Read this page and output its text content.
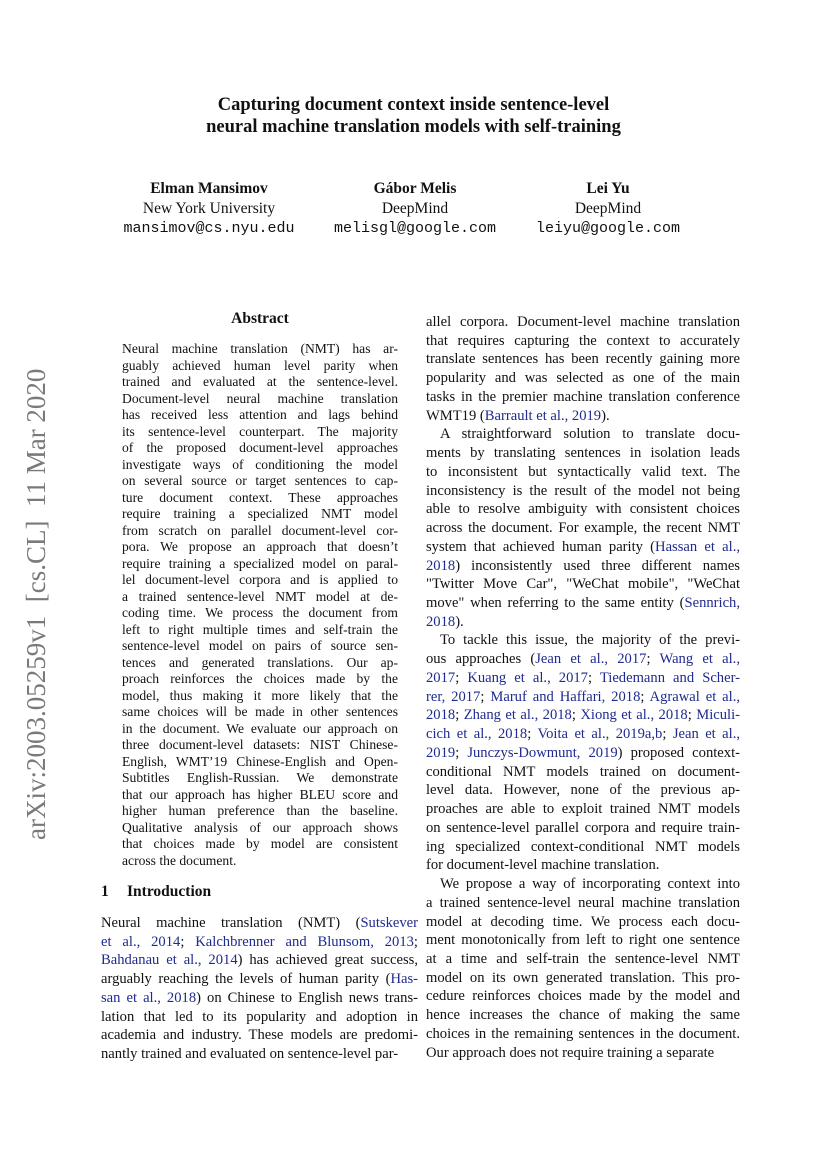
arXiv:2003.05259v1  [cs.CL]  11 Mar 2020
Capturing document context inside sentence-level
neural machine translation models with self-training
Elman Mansimov
New York University
mansimov@cs.nyu.edu
Gábor Melis
DeepMind
melisgl@google.com
Lei Yu
DeepMind
leiyu@google.com
Abstract
Neural machine translation (NMT) has ar-
guably achieved human level parity when
trained and evaluated at the sentence-level.
Document-level neural machine translation
has received less attention and lags behind
its sentence-level counterpart. The majority
of the proposed document-level approaches
investigate ways of conditioning the model
on several source or target sentences to cap-
ture document context. These approaches
require training a specialized NMT model
from scratch on parallel document-level cor-
pora. We propose an approach that doesn’t
require training a specialized model on paral-
lel document-level corpora and is applied to
a trained sentence-level NMT model at de-
coding time. We process the document from
left to right multiple times and self-train the
sentence-level model on pairs of source sen-
tences and generated translations. Our ap-
proach reinforces the choices made by the
model, thus making it more likely that the
same choices will be made in other sentences
in the document. We evaluate our approach on
three document-level datasets: NIST Chinese-
English, WMT’19 Chinese-English and Open-
Subtitles English-Russian. We demonstrate
that our approach has higher BLEU score and
higher human preference than the baseline.
Qualitative analysis of our approach shows
that choices made by model are consistent
across the document.
1 Introduction
Neural machine translation (NMT) (Sutskever
et al., 2014; Kalchbrenner and Blunsom, 2013;
Bahdanau et al., 2014) has achieved great success,
arguably reaching the levels of human parity (Has-
san et al., 2018) on Chinese to English news trans-
lation that led to its popularity and adoption in
academia and industry. These models are predomi-
nantly trained and evaluated on sentence-level par-
allel corpora. Document-level machine translation
that requires capturing the context to accurately
translate sentences has been recently gaining more
popularity and was selected as one of the main
tasks in the premier machine translation conference
WMT19 (Barrault et al., 2019).
A straightforward solution to translate docu-
ments by translating sentences in isolation leads
to inconsistent but syntactically valid text. The
inconsistency is the result of the model not being
able to resolve ambiguity with consistent choices
across the document. For example, the recent NMT
system that achieved human parity (Hassan et al.,
2018) inconsistently used three different names
"Twitter Move Car", "WeChat mobile", "WeChat
move" when referring to the same entity (Sennrich,
2018).
To tackle this issue, the majority of the previ-
ous approaches (Jean et al., 2017; Wang et al.,
2017; Kuang et al., 2017; Tiedemann and Scher-
rer, 2017; Maruf and Haffari, 2018; Agrawal et al.,
2018; Zhang et al., 2018; Xiong et al., 2018; Miculi-
cich et al., 2018; Voita et al., 2019a,b; Jean et al.,
2019; Junczys-Dowmunt, 2019) proposed context-
conditional NMT models trained on document-
level data. However, none of the previous ap-
proaches are able to exploit trained NMT models
on sentence-level parallel corpora and require train-
ing specialized context-conditional NMT models
for document-level machine translation.
We propose a way of incorporating context into
a trained sentence-level neural machine translation
model at decoding time. We process each docu-
ment monotonically from left to right one sentence
at a time and self-train the sentence-level NMT
model on its own generated translation. This pro-
cedure reinforces choices made by the model and
hence increases the chance of making the same
choices in the remaining sentences in the document.
Our approach does not require training a separate
